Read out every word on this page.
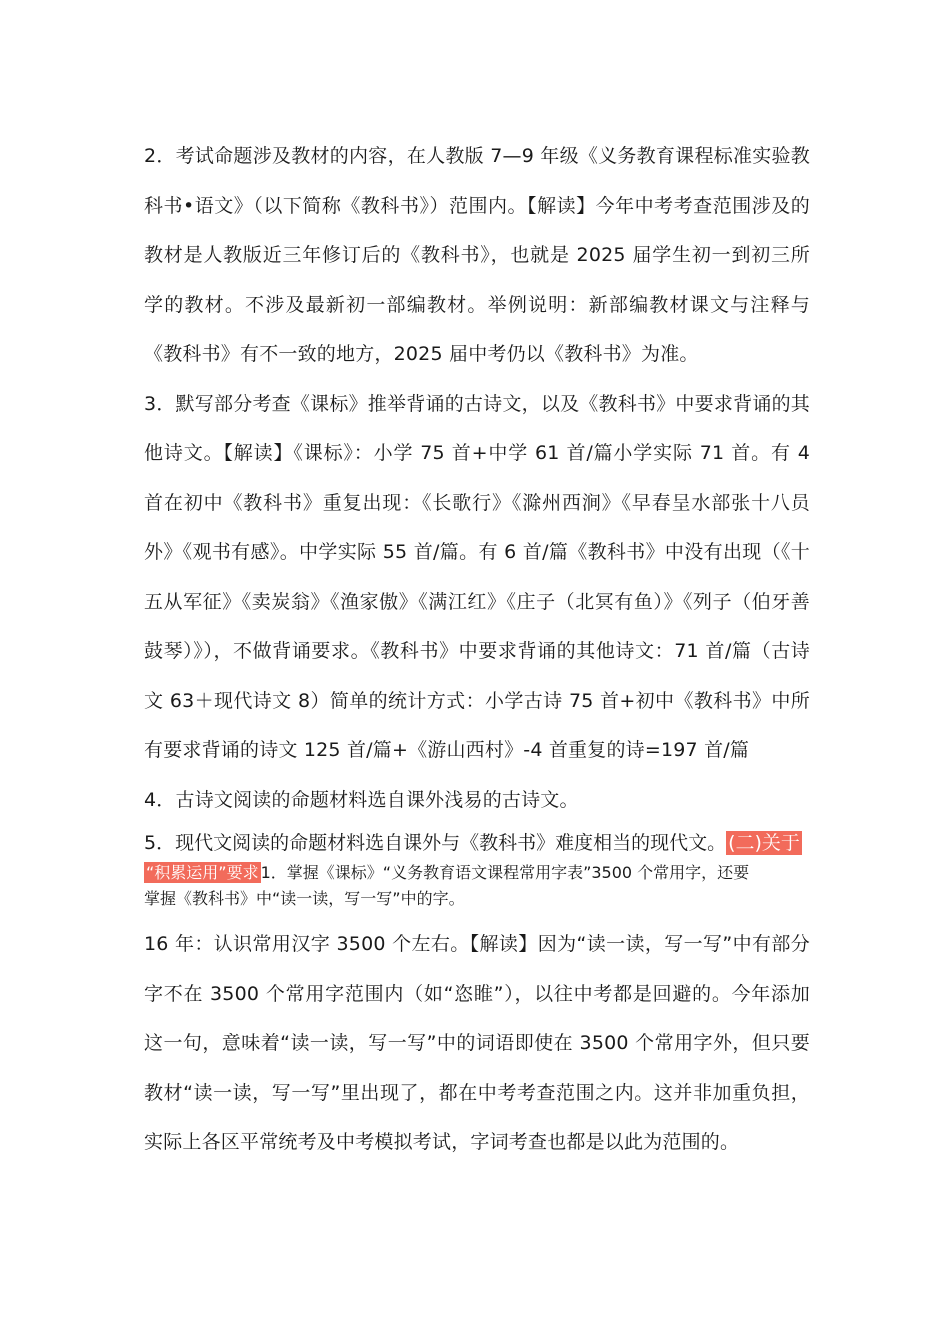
2．考试命题涉及教材的内容，在人教版 7—9 年级《义务教育课程标准实验教科书•语文》（以下简称《教科书》）范围内。【解读】今年中考考查范围涉及的教材是人教版近三年修订后的《教科书》，也就是 2025 届学生初一到初三所学的教材。不涉及最新初一部编教材。举例说明：新部编教材课文与注释与《教科书》有不一致的地方，2025 届中考仍以《教科书》为准。

3．默写部分考查《课标》推举背诵的古诗文，以及《教科书》中要求背诵的其他诗文。【解读】《课标》：小学 75 首+中学 61 首/篇小学实际 71 首。有 4 首在初中《教科书》重复出现：《长歌行》《滁州西涧》《早春呈水部张十八员外》《观书有感》。中学实际 55 首/篇。有 6 首/篇《教科书》中没有出现（《十五从军征》《卖炭翁》《渔家傲》《满江红》《庄子（北冥有鱼）》《列子（伯牙善鼓琴）》），不做背诵要求。《教科书》中要求背诵的其他诗文：71 首/篇（古诗文 63＋现代诗文 8）简单的统计方式：小学古诗 75 首+初中《教科书》中所有要求背诵的诗文 125 首/篇+《游山西村》-4 首重复的诗=197 首/篇

4．古诗文阅读的命题材料选自课外浅易的古诗文。

5．现代文阅读的命题材料选自课外与《教科书》难度相当的现代文。 (二)关于
“积累运用”要求 1．掌握《课标》“义务教育语文课程常用字表”3500 个常用字，还要
掌握《教科书》中“读一读，写一写”中的字。

16 年：认识常用汉字 3500 个左右。【解读】因为“读一读，写一写”中有部分字不在 3500 个常用字范围内（如“恣睢”），以往中考都是回避的。今年添加这一句，意味着“读一读，写一写”中的词语即使在 3500 个常用字外，但只要教材“读一读，写一写”里出现了，都在中考考查范围之内。这并非加重负担，实际上各区平常统考及中考模拟考试，字词考查也都是以此为范围的。
